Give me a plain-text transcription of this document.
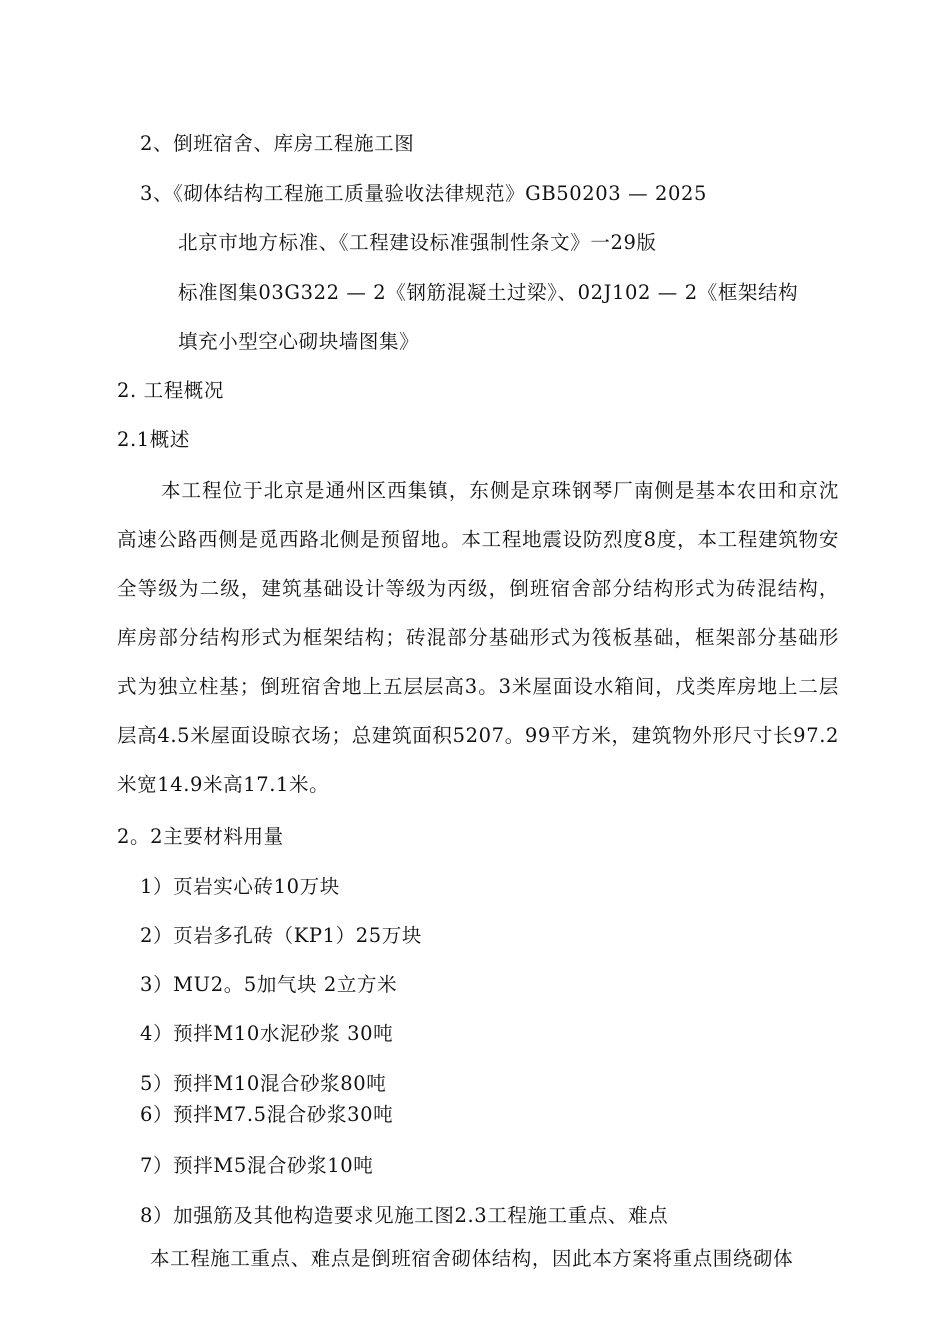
2、倒班宿舍、库房工程施工图
3、《砌体结构工程施工质量验收法律规范》GB50203 — 2025
北京市地方标准、《工程建设标准强制性条文》一29版
标准图集03G322 — 2《钢筋混凝土过梁》、02J102 — 2《框架结构
填充小型空心砌块墙图集》
2. 工程概况
2.1概述

本工程位于北京是通州区西集镇，东侧是京珠钢琴厂南侧是基本农田和京沈高速公路西侧是觅西路北侧是预留地。本工程地震设防烈度8度，本工程建筑物安全等级为二级，建筑基础设计等级为丙级，倒班宿舍部分结构形式为砖混结构，库房部分结构形式为框架结构；砖混部分基础形式为筏板基础，框架部分基础形式为独立柱基；倒班宿舍地上五层层高3。3米屋面设水箱间，戊类库房地上二层层高4.5米屋面设晾衣场；总建筑面积5207。99平方米，建筑物外形尺寸长97.2米宽14.9米高17.1米。

2。2主要材料用量
1）页岩实心砖10万块
2）页岩多孔砖（KP1）25万块
3）MU2。5加气块 2立方米
4）预拌M10水泥砂浆 30吨
5）预拌M10混合砂浆80吨
6）预拌M7.5混合砂浆30吨
7）预拌M5混合砂浆10吨
8）加强筋及其他构造要求见施工图2.3工程施工重点、难点
本工程施工重点、难点是倒班宿舍砌体结构，因此本方案将重点围绕砌体
